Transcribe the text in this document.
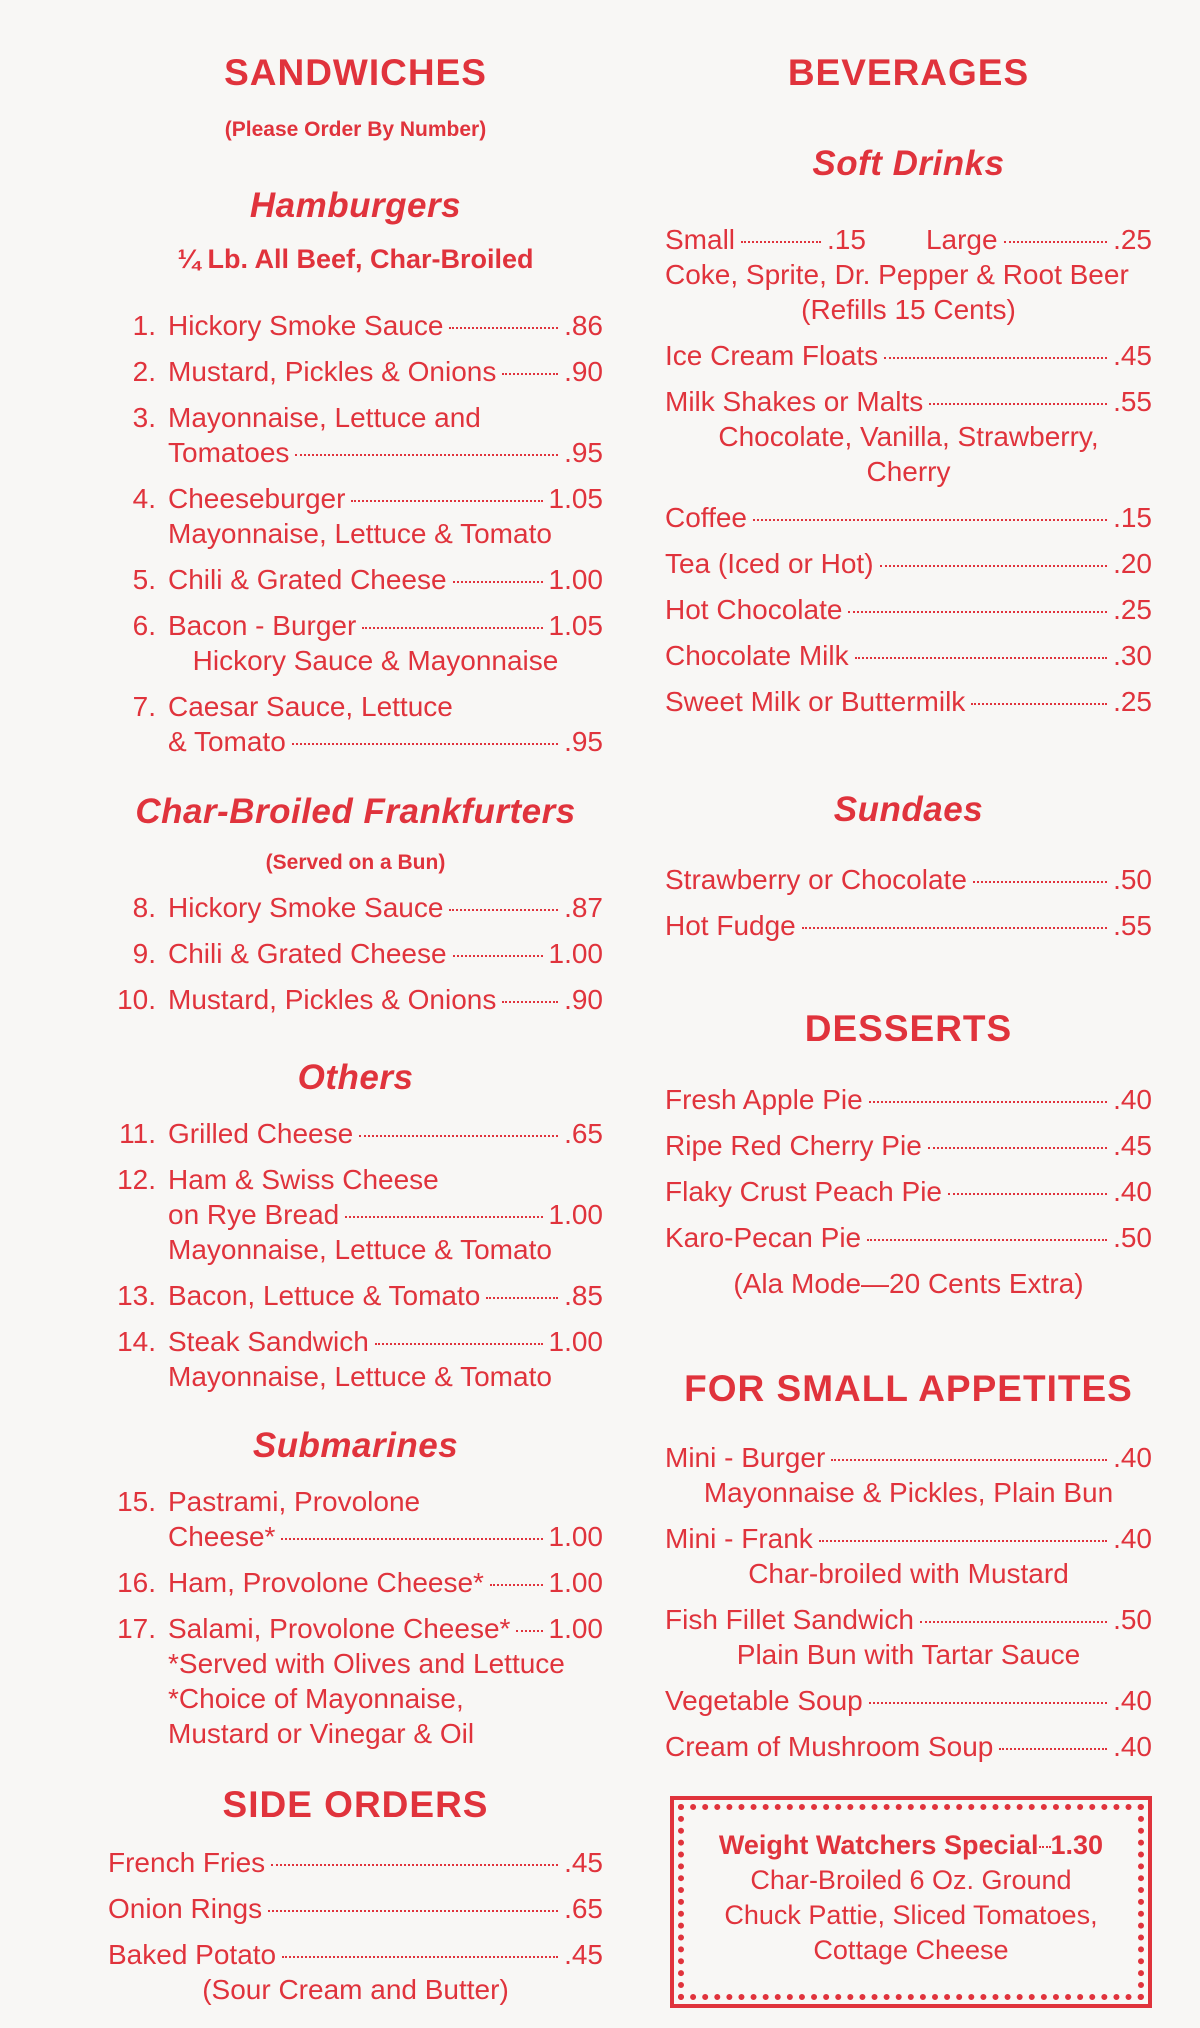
SANDWICHES
(Please Order By Number)
Hamburgers
¼ Lb. All Beef, Char-Broiled
1. Hickory Smoke Sauce	.86
2. Mustard, Pickles & Onions .90
3. Mayonnaise, Lettuce and
Tomatoes	.95
4. Cheeseburger	1.05
Mayonnaise, Lettuce & Tomato
5. Chili & Grated Cheese	1.00
6. Bacon - Burger	1.05
Hickory Sauce & Mayonnaise
7. Caesar Sauce, Lettuce
& Tomato	.95
Char-Broiled Frankfurters
(Served on a Bun)
8. Hickory Smoke Sauce	.87
9. Chili & Grated Cheese	1.00
10. Mustard, Pickles & Onions .90
Others
11. Grilled Cheese	.65
12. Ham & Swiss Cheese
on Rye Bread	1.00
Mayonnaise, Lettuce & Tomato
13. Bacon, Lettuce & Tomato	.85
14. Steak Sandwich	1.00
Mayonnaise, Lettuce & Tomato
Submarines
15. Pastrami, Provolone
Cheese*	1.00
16. Ham, Provolone Cheese* 1.00
17. Salami, Provolone Cheese* 1.00
*Served with Olives and Lettuce
*Choice of Mayonnaise,
Mustard or Vinegar & Oil
SIDE ORDERS
French Fries	.45
Onion Rings	.65
Baked Potato	.45
(Sour Cream and Butter)
BEVERAGES
Soft Drinks
Small	.15 Large	.25
Coke, Sprite, Dr. Pepper & Root Beer
(Refills 15 Cents)
Ice Cream Floats	.45
Milk Shakes or Malts	.55
Chocolate, Vanilla, Strawberry,
Cherry
Coffee	.15
Tea (Iced or Hot)	.20
Hot Chocolate	.25
Chocolate Milk	.30
Sweet Milk or Buttermilk	.25
Sundaes
Strawberry or Chocolate	.50
Hot Fudge	.55
DESSERTS
Fresh Apple Pie	.40
Ripe Red Cherry Pie	.45
Flaky Crust Peach Pie	.40
Karo-Pecan Pie	.50
(Ala Mode—20 Cents Extra)
FOR SMALL APPETITES
Mini - Burger	.40
Mayonnaise & Pickles, Plain Bun
Mini - Frank	.40
Char-broiled with Mustard
Fish Fillet Sandwich	.50
Plain Bun with Tartar Sauce
Vegetable Soup	.40
Cream of Mushroom Soup	.40
Weight Watchers Special 1.30
Char-Broiled 6 Oz. Ground
Chuck Pattie, Sliced Tomatoes,
Cottage Cheese
